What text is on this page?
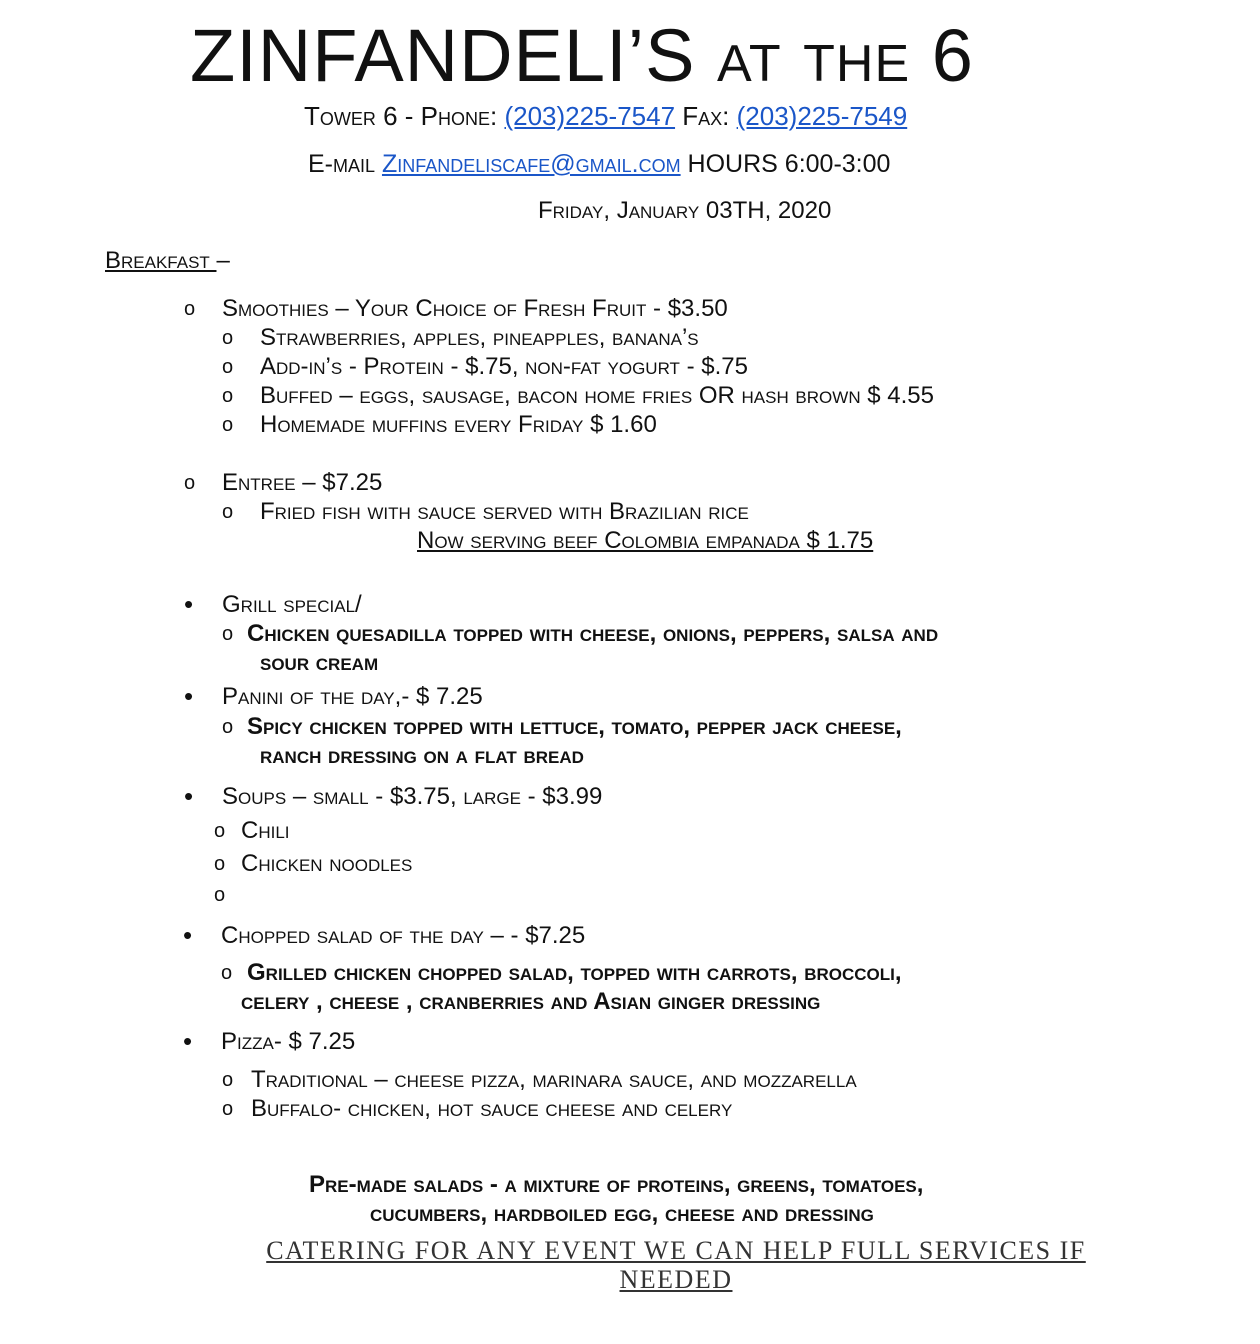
ZINFANDELI’S at the 6
Tower 6 - Phone: (203)225-7547 Fax: (203)225-7549
E-mail Zinfandeliscafe@gmail.com HOURS 6:00-3:00
Friday, January 03TH, 2020
Breakfast –
o Smoothies – Your Choice of Fresh Fruit - $3.50
o Strawberries, apples, pineapples, banana’s
o Add-in’s - Protein - $.75, non-fat yogurt - $.75
o Buffed – eggs, sausage, bacon home fries OR hash brown $ 4.55
o Homemade muffins every Friday $ 1.60
o Entree – $7.25
o Fried fish with sauce served with Brazilian rice
Now serving beef Colombia empanada $ 1.75
• Grill special/
o Chicken quesadilla topped with cheese, onions, peppers, salsa and
sour cream
• Panini of the day,- $ 7.25
o Spicy chicken topped with lettuce, tomato, pepper jack cheese,
ranch dressing on a flat bread
• Soups – small - $3.75, large - $3.99
o Chili
o Chicken noodles
o
• Chopped salad of the day – - $7.25
o Grilled chicken chopped salad, topped with carrots, broccoli,
celery , cheese , cranberries and Asian ginger dressing
• Pizza- $ 7.25
o Traditional – cheese pizza, marinara sauce, and mozzarella
o Buffalo- chicken, hot sauce cheese and celery
Pre-made salads - a mixture of proteins, greens, tomatoes,
cucumbers, hardboiled egg, cheese and dressing
CATERING FOR ANY EVENT WE CAN HELP FULL SERVICES IF
NEEDED
